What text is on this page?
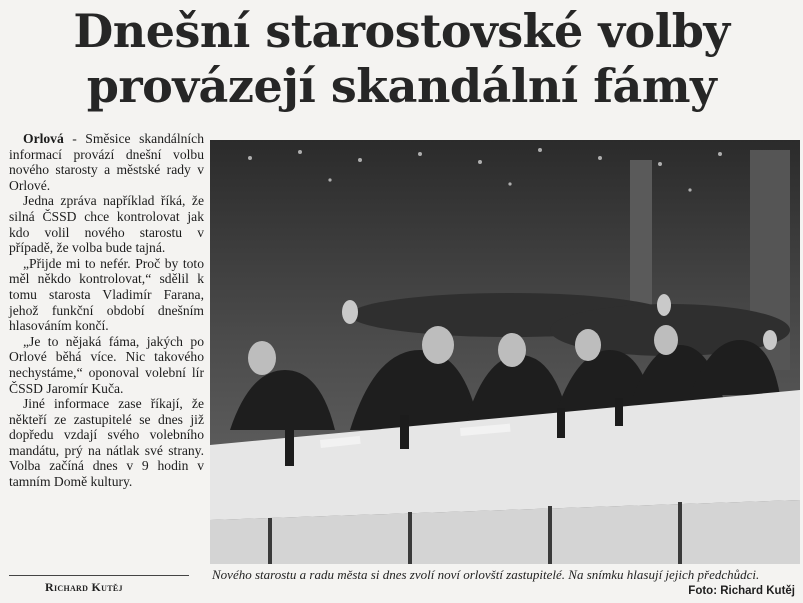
Dnešní starostovské volby
provázejí skandální fámy

Orlová - Směsice skandálních informací provází dnešní volbu nového starosty a městské rady v Orlové.

Jedna zpráva například říká, že silná ČSSD chce kontrolovat jak kdo volil nového starostu v případě, že volba bude tajná.

„Přijde mi to nefér. Proč by toto měl někdo kontrolovat,“ sdělil k tomu starosta Vladimír Farana, jehož funkční období dnešním hlasováním končí.

„Je to nějaká fáma, jakých po Orlové běhá více. Nic takového nechystáme,“ oponoval volební lír ČSSD Jaromír Kuča.

Jiné informace zase říkají, že někteří ze zastupitelé se dnes již dopředu vzdají svého volebního mandátu, prý na nátlak své strany. Volba začíná dnes v 9 hodin v tamním Domě kultury.

Richard Kutěj
Nového starostu a radu města si dnes zvolí noví orlovští zastupitelé. Na snímku hlasují jejich předchůdci.
Foto: Richard Kutěj
